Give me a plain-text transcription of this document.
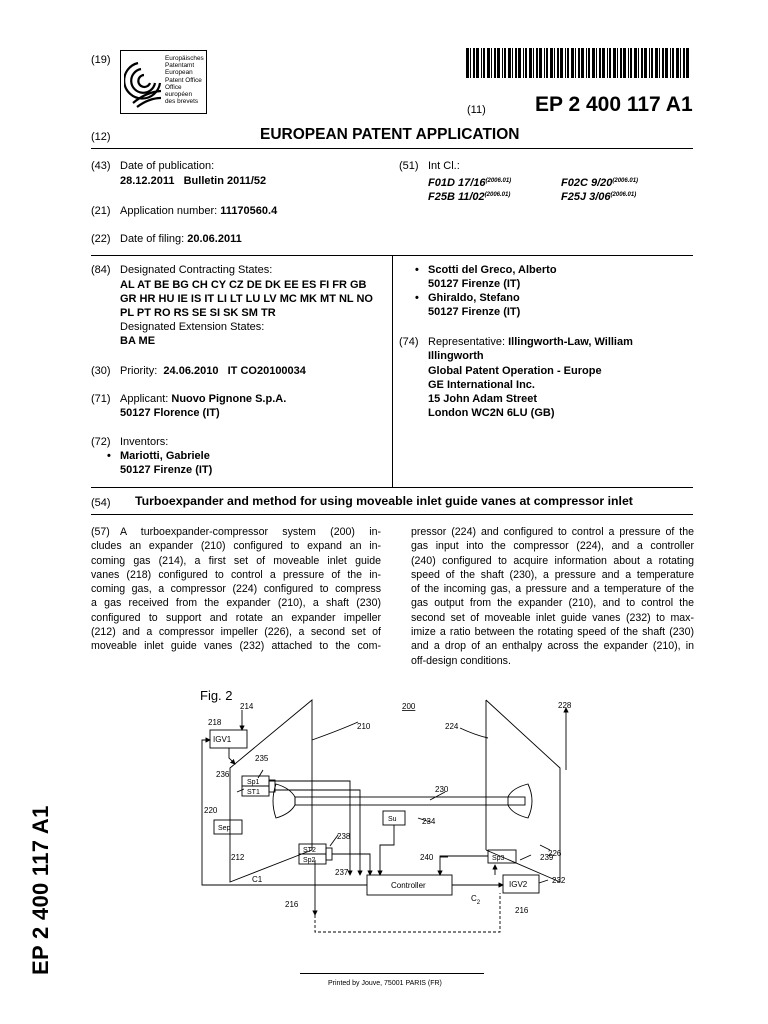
(19)	Europäisches
Patentamt
European
Patent Office
Office européen
des brevets
(11) EP 2 400 117 A1
(12)	EUROPEAN PATENT APPLICATION
(43) Date of publication:
28.12.2011   Bulletin 2011/52
(21) Application number: 11170560.4
(22) Date of filing: 20.06.2011
(51) Int Cl.:
F01D $17/16^{(2006.01)}$	F02C $9/20^{(2006.01)}$
F25B $11/02^{(2006.01)}$	F25J $3/06^{(2006.01)}$
(84) Designated Contracting States:
AL AT BE BG CH CY CZ DE DK EE ES FI FR GB
GR HR HU IE IS IT LI LT LU LV MC MK MT NL NO
PL PT RO RS SE SI SK SM TR
Designated Extension States:
BA ME
(30) Priority: 24.06.2010   IT CO20100034
(71) Applicant: Nuovo Pignone S.p.A.
50127 Florence (IT)
(72) Inventors:
• Mariotti, Gabriele
50127 Firenze (IT)
• Scotti del Greco, Alberto
50127 Firenze (IT)
• Ghiraldo, Stefano
50127 Firenze (IT)
(74) Representative: Illingworth-Law, William
Illingworth
Global Patent Operation - Europe
GE International Inc.
15 John Adam Street
London WC2N 6LU (GB)
(54) Turboexpander and method for using moveable inlet guide vanes at compressor inlet
(57) A turboexpander-compressor system (200) in-
cludes an expander (210) configured to expand an in-
coming gas (214), a first set of moveable inlet guide
vanes (218) configured to control a pressure of the in-
coming gas, a compressor (224) configured to compress
a gas received from the expander (210), a shaft (230)
configured to support and rotate an expander impeller
(212) and a compressor impeller (226), a second set of
moveable inlet guide vanes (232) attached to the com-
pressor (224) and configured to control a pressure of the
gas input into the compressor (224), and a controller
(240) configured to acquire information about a rotating
speed of the shaft (230), a pressure and a temperature
of the incoming gas, a pressure and a temperature of the
gas output from the expander (210), and to control the
second set of moveable inlet guide vanes (232) to max-
imize a ratio between the rotating speed of the shaft (230)
and a drop of an enthalpy across the expander (210), in
off-design conditions.
Fig. 2
214
218	210
200
224
228
235
236
220
230
234
238
212	240
237
239
226
232
216
216
IGV1
Sp1
ST1
Sep
Su
ST2
Sp2	Sp3
IGV2
Controller
C1
$C_2$
Printed by Jouve, 75001 PARIS (FR)
EP 2 400 117 A1
